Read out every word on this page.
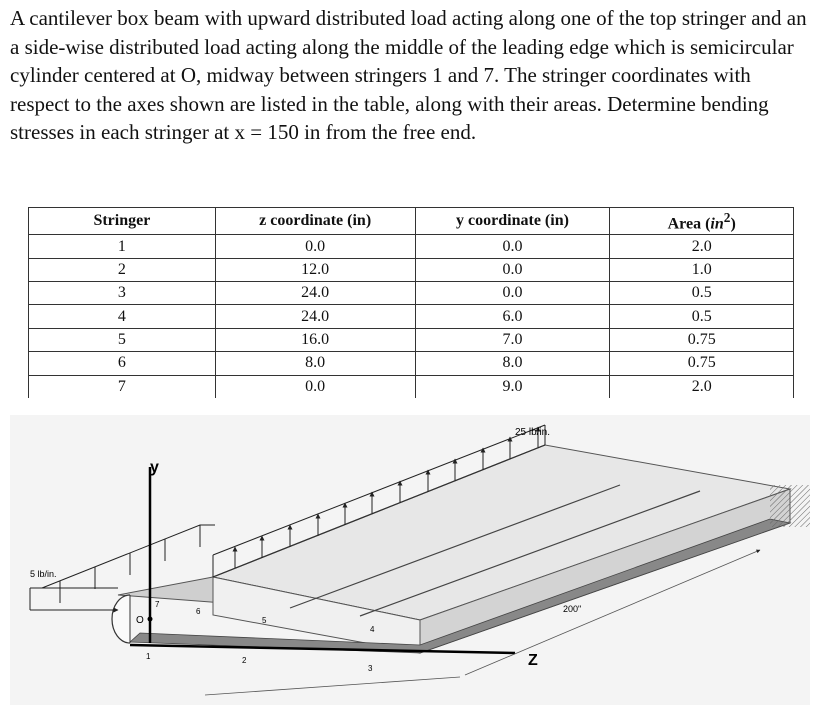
A cantilever box beam with upward distributed load acting along one of the top stringer and an a side-wise distributed load acting along the middle of the leading edge which is semicircular cylinder centered at O, midway between stringers 1 and 7. The stringer coordinates with respect to the axes shown are listed in the table, along with their areas. Determine bending stresses in each stringer at x = 150 in from the free end.

Stringer	z coordinate (in)	y coordinate (in)	Area $(in^2)$
1	0.0	0.0	2.0
2	12.0	0.0	1.0
3	24.0	0.0	0.5
4	24.0	6.0	0.5
5	16.0	7.0	0.75
6	8.0	8.0	0.75
7	0.0	9.0	2.0
25 lb/in.
5 lb/in.
y
Z
O
200"
1	2
3
4
5
6
7
